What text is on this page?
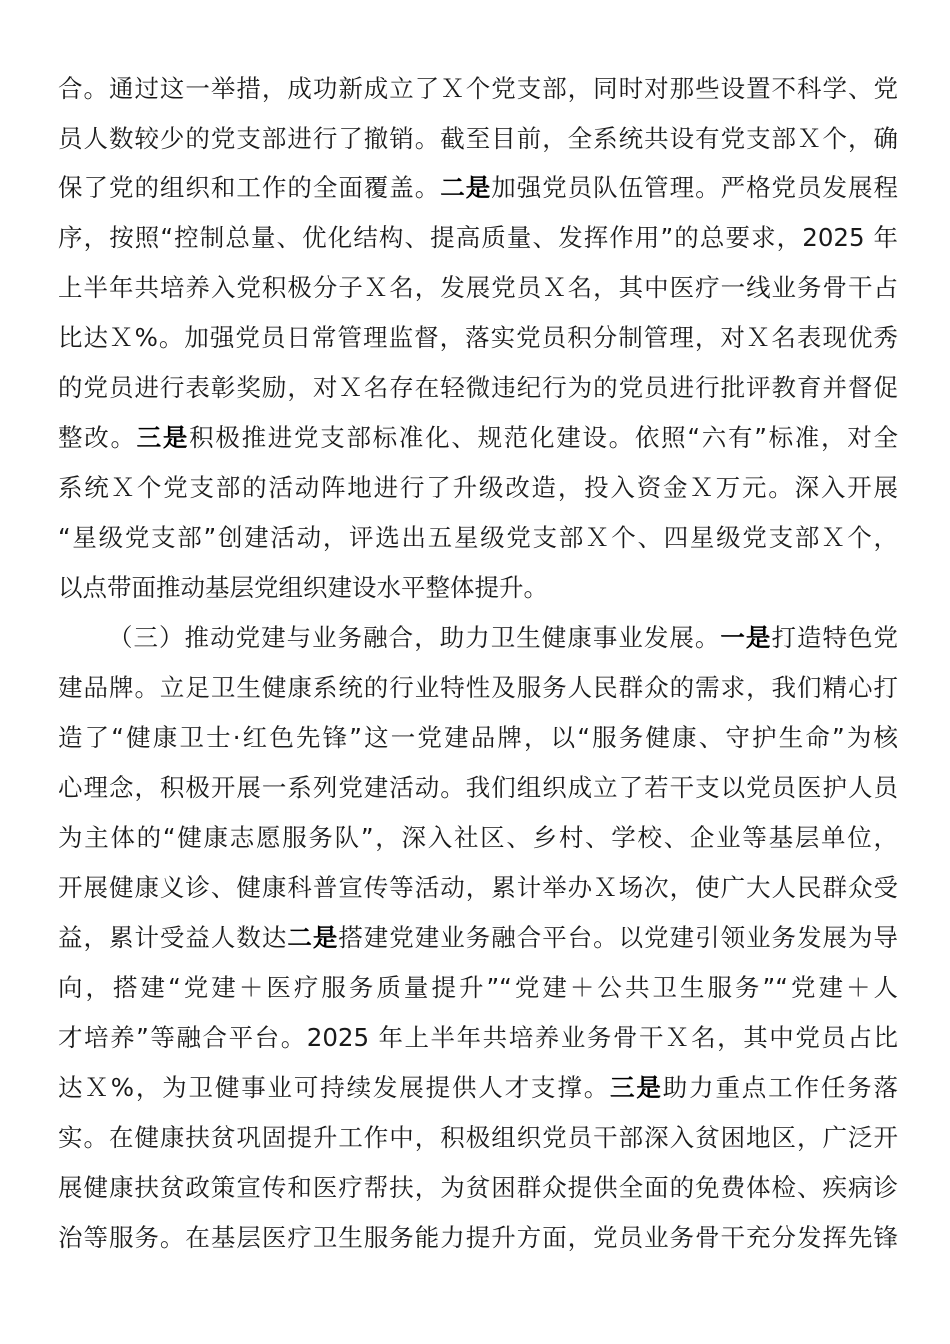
合。通过这一举措，成功新成立了Ｘ个党支部，同时对那些设置不科学、党
员人数较少的党支部进行了撤销。截至目前，全系统共设有党支部Ｘ个，确
保了党的组织和工作的全面覆盖。二是加强党员队伍管理。严格党员发展程
序，按照“控制总量、优化结构、提高质量、发挥作用”的总要求，2025 年
上半年共培养入党积极分子Ｘ名，发展党员Ｘ名，其中医疗一线业务骨干占
比达Ｘ%。加强党员日常管理监督，落实党员积分制管理，对Ｘ名表现优秀
的党员进行表彰奖励，对Ｘ名存在轻微违纪行为的党员进行批评教育并督促
整改。三是积极推进党支部标准化、规范化建设。依照“六有”标准，对全
系统Ｘ个党支部的活动阵地进行了升级改造，投入资金Ｘ万元。深入开展
“星级党支部”创建活动，评选出五星级党支部Ｘ个、四星级党支部Ｘ个，
以点带面推动基层党组织建设水平整体提升。
（三）推动党建与业务融合，助力卫生健康事业发展。一是打造特色党
建品牌。立足卫生健康系统的行业特性及服务人民群众的需求，我们精心打
造了“健康卫士·红色先锋”这一党建品牌，以“服务健康、守护生命”为核
心理念，积极开展一系列党建活动。我们组织成立了若干支以党员医护人员
为主体的“健康志愿服务队”，深入社区、乡村、学校、企业等基层单位，
开展健康义诊、健康科普宣传等活动，累计举办Ｘ场次，使广大人民群众受
益，累计受益人数达二是搭建党建业务融合平台。以党建引领业务发展为导
向，搭建“党建＋医疗服务质量提升”“党建＋公共卫生服务”“党建＋人
才培养”等融合平台。2025 年上半年共培养业务骨干Ｘ名，其中党员占比
达Ｘ%，为卫健事业可持续发展提供人才支撑。三是助力重点工作任务落
实。在健康扶贫巩固提升工作中，积极组织党员干部深入贫困地区，广泛开
展健康扶贫政策宣传和医疗帮扶，为贫困群众提供全面的免费体检、疾病诊
治等服务。在基层医疗卫生服务能力提升方面，党员业务骨干充分发挥先锋
